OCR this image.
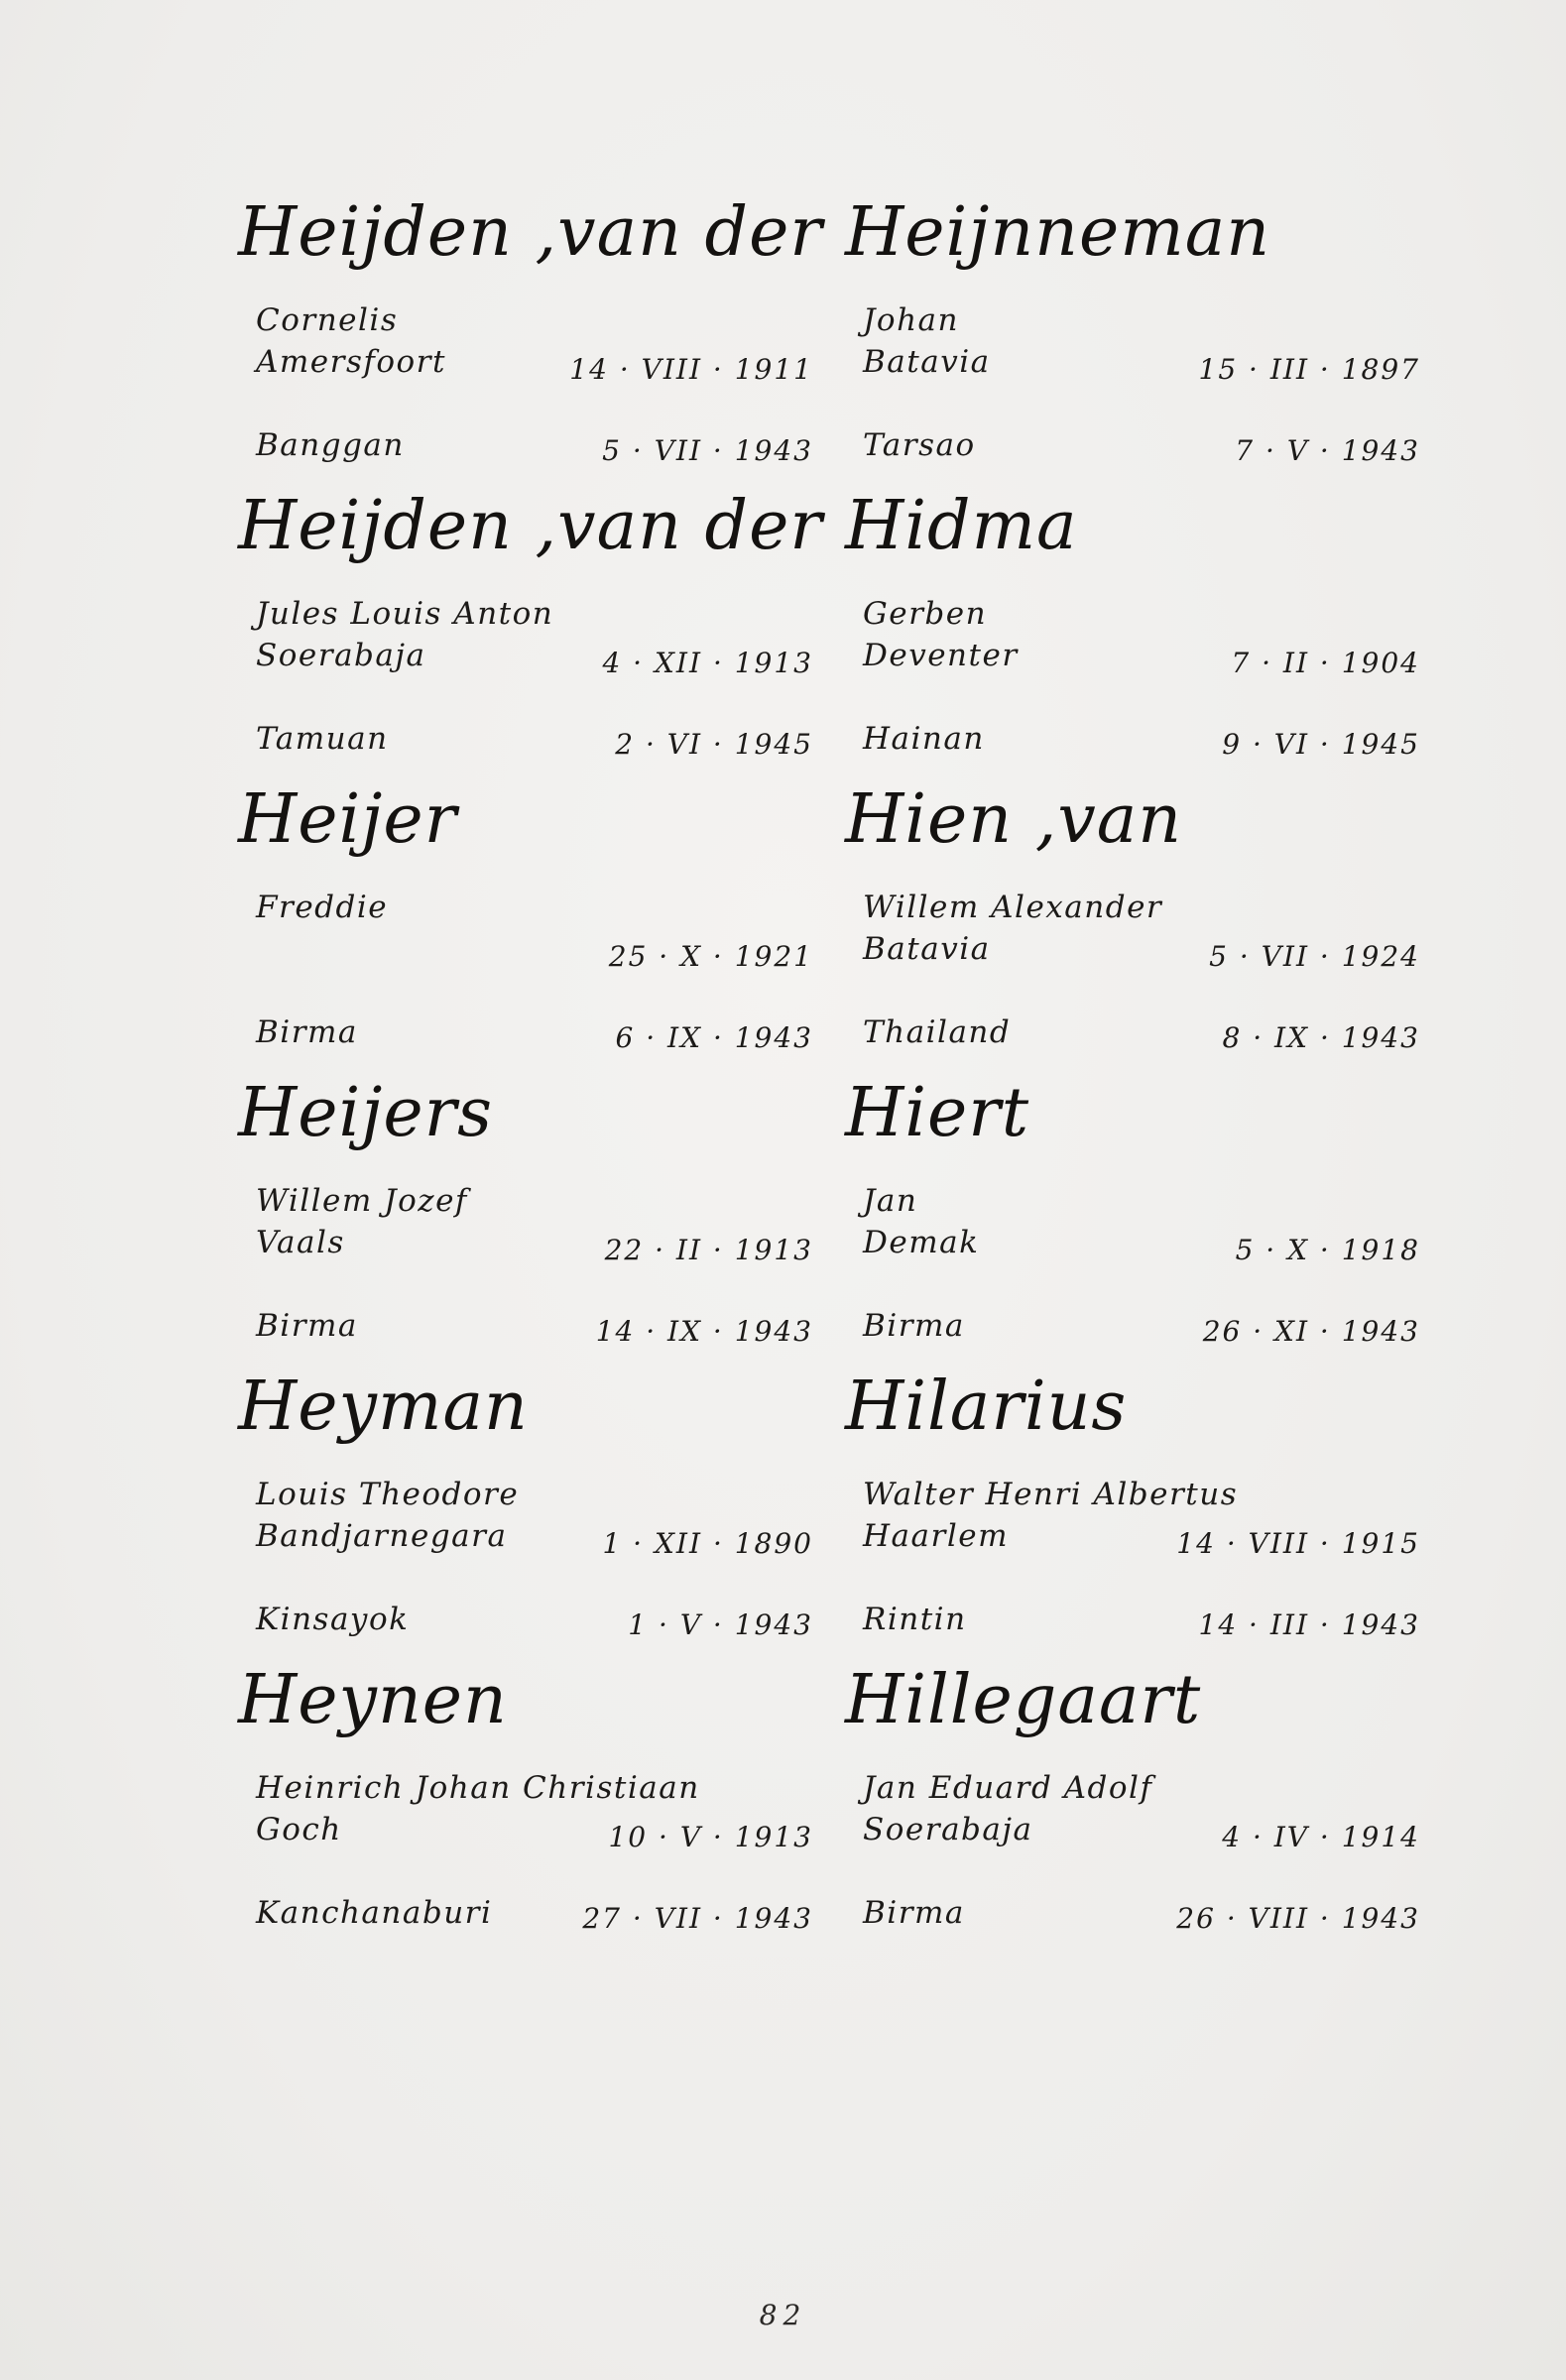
Heijden ,van der
Cornelis
Amersfoort	14 · VIII · 1911
Banggan	5 · VII · 1943
Heijden ,van der
Jules Louis Anton
Soerabaja	4 · XII · 1913
Tamuan	2 · VI · 1945
Heijer
Freddie
25 · X · 1921
Birma	6 · IX · 1943
Heijers
Willem Jozef
Vaals	22 · II · 1913
Birma	14 · IX · 1943
Heyman
Louis Theodore
Bandjarnegara	1 · XII · 1890
Kinsayok	1 · V · 1943
Heynen
Heinrich Johan Christiaan
Goch	10 · V · 1913
Kanchanaburi	27 · VII · 1943
Heijnneman
Johan
Batavia	15 · III · 1897
Tarsao	7 · V · 1943
Hidma
Gerben
Deventer	7 · II · 1904
Hainan	9 · VI · 1945
Hien ,van
Willem Alexander
Batavia	5 · VII · 1924
Thailand	8 · IX · 1943
Hiert
Jan
Demak	5 · X · 1918
Birma	26 · XI · 1943
Hilarius
Walter Henri Albertus
Haarlem	14 · VIII · 1915
Rintin	14 · III · 1943
Hillegaart
Jan Eduard Adolf
Soerabaja	4 · IV · 1914
Birma	26 · VIII · 1943
82
